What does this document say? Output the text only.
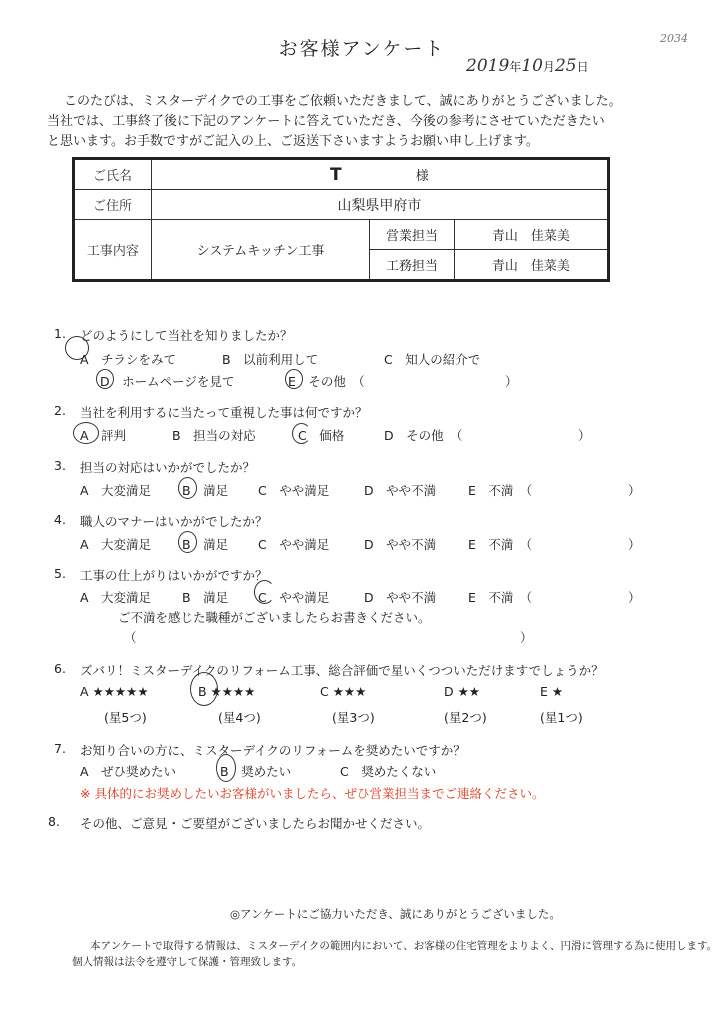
2034
お客様アンケート
2019年10月25日
このたびは、ミスターデイクでの工事をご依頼いただきまして、誠にありがとうございました。
当社では、工事終了後に下記のアンケートに答えていただき、今後の参考にさせていただきたい
と思います。お手数ですがご記入の上、ご返送下さいますようお願い申し上げます。
ご氏名	T 様		
ご住所	山梨県甲府市		
工事内容	システムキッチン工事	営業担当	青山　佳菜美
		工務担当	青山　佳菜美
1. どのようにして当社を知りましたか？
A　チラシをみて	B　以前利用して	C　知人の紹介で
D　ホームページを見て	E　その他　（	）
2. 当社を利用するに当たって重視した事は何ですか？
A　評判	B　担当の対応	C　価格	D　その他　（	）
3. 担当の対応はいかがでしたか？
A　大変満足 B　満足 C　やや満足	D　やや不満	E　不満　（	）
4. 職人のマナーはいかがでしたか？
A　大変満足 B　満足 C　やや満足	D　やや不満	E　不満　（	）
5. 工事の仕上がりはいかがですか？
A　大変満足 B　満足 C　やや満足	D　やや不満	E　不満　（	）
ご不満を感じた職種がございましたらお書きください。
（	）
6. ズバリ！ミスターデイクのリフォーム工事、総合評価で星いくつついただけますでしょうか？
A ★★★★★	B ★★★★	C ★★★	D ★★	E ★
(星5つ)	(星4つ)	(星3つ)	(星2つ)	(星1つ)
7. お知り合いの方に、ミスターデイクのリフォームを奨めたいですか？
A　ぜひ奨めたい	B　奨めたい	C　奨めたくない
※ 具体的にお奨めしたいお客様がいましたら、ぜひ営業担当までご連絡ください。
8. その他、ご意見・ご要望がございましたらお聞かせください。
◎アンケートにご協力いただき、誠にありがとうございました。
本アンケートで取得する情報は、ミスターデイクの範囲内において、お客様の住宅管理をよりよく、円滑に管理する為に使用します。
個人情報は法令を遵守して保護・管理致します。
